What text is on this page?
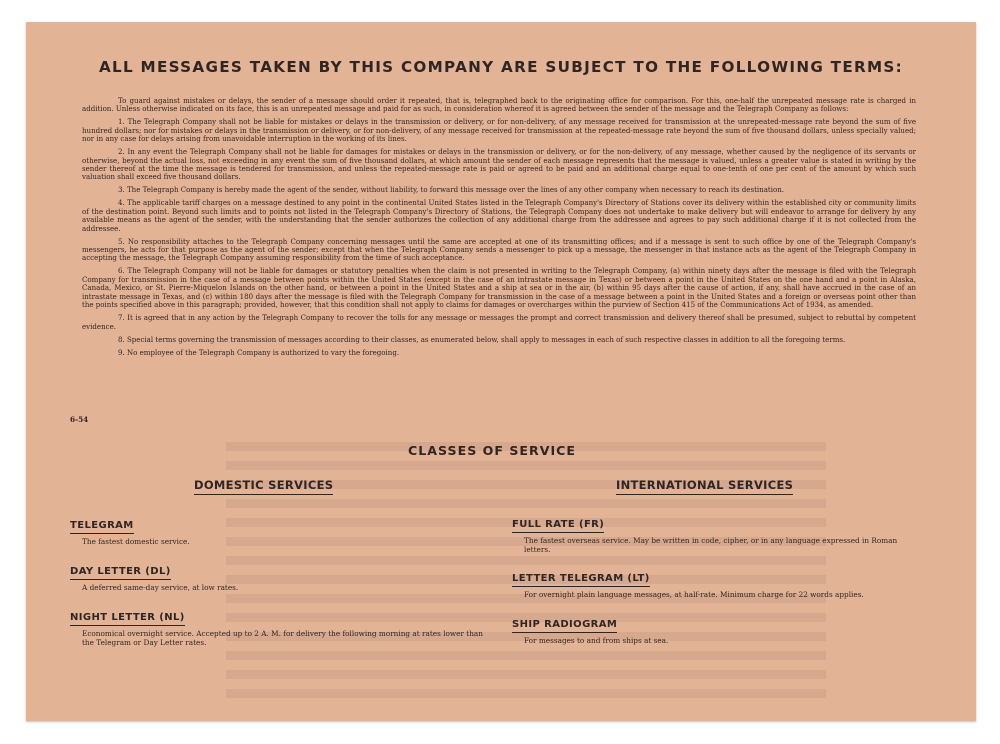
ALL MESSAGES TAKEN BY THIS COMPANY ARE SUBJECT TO THE FOLLOWING TERMS:

To guard against mistakes or delays, the sender of a message should order it repeated, that is, telegraphed back to the originating office for comparison. For this, one-half the unrepeated message rate is charged in addition. Unless otherwise indicated on its face, this is an unrepeated message and paid for as such, in consideration whereof it is agreed between the sender of the message and the Telegraph Company as follows:

1. The Telegraph Company shall not be liable for mistakes or delays in the transmission or delivery, or for non-delivery, of any message received for transmission at the unrepeated-message rate beyond the sum of five hundred dollars; nor for mistakes or delays in the transmission or delivery, or for non-delivery, of any message received for transmission at the repeated-message rate beyond the sum of five thousand dollars, unless specially valued; nor in any case for delays arising from unavoidable interruption in the working of its lines.

2. In any event the Telegraph Company shall not be liable for damages for mistakes or delays in the transmission or delivery, or for the non-delivery, of any message, whether caused by the negligence of its servants or otherwise, beyond the actual loss, not exceeding in any event the sum of five thousand dollars, at which amount the sender of each message represents that the message is valued, unless a greater value is stated in writing by the sender thereof at the time the message is tendered for transmission, and unless the repeated-message rate is paid or agreed to be paid and an additional charge equal to one-tenth of one per cent of the amount by which such valuation shall exceed five thousand dollars.

3. The Telegraph Company is hereby made the agent of the sender, without liability, to forward this message over the lines of any other company when necessary to reach its destination.

4. The applicable tariff charges on a message destined to any point in the continental United States listed in the Telegraph Company's Directory of Stations cover its delivery within the established city or community limits of the destination point. Beyond such limits and to points not listed in the Telegraph Company's Directory of Stations, the Telegraph Company does not undertake to make delivery but will endeavor to arrange for delivery by any available means as the agent of the sender, with the understanding that the sender authorizes the collection of any additional charge from the addressee and agrees to pay such additional charge if it is not collected from the addressee.

5. No responsibility attaches to the Telegraph Company concerning messages until the same are accepted at one of its transmitting offices; and if a message is sent to such office by one of the Telegraph Company's messengers, he acts for that purpose as the agent of the sender; except that when the Telegraph Company sends a messenger to pick up a message, the messenger in that instance acts as the agent of the Telegraph Company in accepting the message, the Telegraph Company assuming responsibility from the time of such acceptance.

6. The Telegraph Company will not be liable for damages or statutory penalties when the claim is not presented in writing to the Telegraph Company, (a) within ninety days after the message is filed with the Telegraph Company for transmission in the case of a message between points within the United States (except in the case of an intrastate message in Texas) or between a point in the United States on the one hand and a point in Alaska, Canada, Mexico, or St. Pierre-Miquelon Islands on the other hand, or between a point in the United States and a ship at sea or in the air, (b) within 95 days after the cause of action, if any, shall have accrued in the case of an intrastate message in Texas, and (c) within 180 days after the message is filed with the Telegraph Company for transmission in the case of a message between a point in the United States and a foreign or overseas point other than the points specified above in this paragraph; provided, however, that this condition shall not apply to claims for damages or overcharges within the purview of Section 415 of the Communications Act of 1934, as amended.

7. It is agreed that in any action by the Telegraph Company to recover the tolls for any message or messages the prompt and correct transmission and delivery thereof shall be presumed, subject to rebuttal by competent evidence.

8. Special terms governing the transmission of messages according to their classes, as enumerated below, shall apply to messages in each of such respective classes in addition to all the foregoing terms.

9. No employee of the Telegraph Company is authorized to vary the foregoing.

6-54

CLASSES OF SERVICE
DOMESTIC SERVICES	INTERNATIONAL SERVICES
TELEGRAM
The fastest domestic service.
DAY LETTER (DL)
A deferred same-day service, at low rates.
NIGHT LETTER (NL)
Economical overnight service. Accepted up to 2 A. M. for delivery the following morning at rates lower than the Telegram or Day Letter rates.
FULL RATE (FR)
The fastest overseas service. May be written in code, cipher, or in any language expressed in Roman letters.
LETTER TELEGRAM (LT)
For overnight plain language messages, at half-rate. Minimum charge for 22 words applies.
SHIP RADIOGRAM
For messages to and from ships at sea.
